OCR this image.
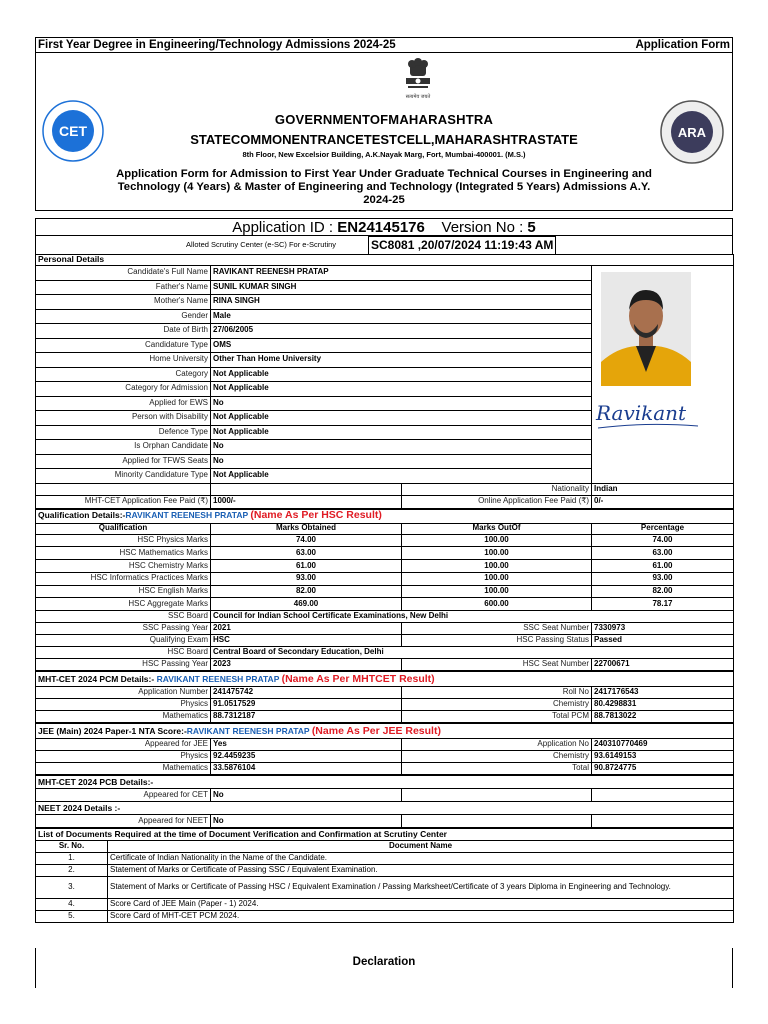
First Year Degree in Engineering/Technology Admissions 2024-25	Application Form
सत्यमेव जयते
CET
GOVERNMENTOFMAHARASHTRA
STATECOMMONENTRANCETESTCELL,MAHARASHTRASTATE
8th Floor, New Excelsior Building, A.K.Nayak Marg, Fort, Mumbai-400001. (M.S.)
Application Form for Admission to First Year Under Graduate Technical Courses in Engineering and Technology (4 Years) & Master of Engineering and Technology (Integrated 5 Years) Admissions A.Y. 2024-25
ARA
Application ID : EN24145176 Version No : 5
Alloted Scrutiny Center (e-SC) For e-Scrutiny	SC8081 ,20/07/2024 11:19:43 AM
Personal Details			
Candidate's Full Name	RAVIKANT REENESH PRATAP		
Father's Name	SUNIL KUMAR SINGH		
Mother's Name	RINA SINGH		
Gender	Male		
Date of Birth	27/06/2005		
Candidature Type	OMS		
Home University	Other Than Home University		
Category	Not Applicable		
Category for Admission	Not Applicable		
Applied for EWS	No		
Person with Disability	Not Applicable		
Defence Type	Not Applicable		
Is Orphan Candidate	No		
Applied for TFWS Seats	No		
Minority Candidature Type	Not Applicable		
		Nationality	Indian
MHT-CET Application Fee Paid (₹)	1000/-	Online Application Fee Paid (₹)	0/-
Qualification Details:-RAVIKANT REENESH PRATAP (Name As Per HSC Result)			
Qualification	Marks Obtained	Marks OutOf	Percentage
HSC Physics Marks	74.00	100.00	74.00
HSC Mathematics Marks	63.00	100.00	63.00
HSC Chemistry Marks	61.00	100.00	61.00
HSC Informatics Practices Marks	93.00	100.00	93.00
HSC English Marks	82.00	100.00	82.00
HSC Aggregate Marks	469.00	600.00	78.17
SSC Board	Council for Indian School Certificate Examinations, New Delhi		
SSC Passing Year	2021	SSC Seat Number	7330973
Qualifying Exam	HSC	HSC Passing Status	Passed
HSC Board	Central Board of Secondary Education, Delhi		
HSC Passing Year	2023	HSC Seat Number	22700671
MHT-CET 2024 PCM Details:- RAVIKANT REENESH PRATAP (Name As Per MHTCET Result)			
Application Number	241475742	Roll No	2417176543
Physics	91.0517529	Chemistry	80.4298831
Mathematics	88.7312187	Total PCM	88.7813022
JEE (Main) 2024 Paper-1 NTA Score:-RAVIKANT REENESH PRATAP (Name As Per JEE Result)			
Appeared for JEE	Yes	Application No	240310770469
Physics	92.4459235	Chemistry	93.6149153
Mathematics	33.5876104	Total	90.8724775
MHT-CET 2024 PCB Details:-			
Appeared for CET	No		
NEET 2024 Details :-			
Appeared for NEET	No		
List of Documents Required at the time of Document Verification and Confirmation at Scrutiny Center	
Sr. No.	Document Name
1.	Certificate of Indian Nationality in the Name of the Candidate.
2.	Statement of Marks or Certificate of Passing SSC / Equivalent Examination.
3.	Statement of Marks or Certificate of Passing HSC / Equivalent Examination / Passing Marksheet/Certificate of 3 years Diploma in Engineering and Technology.
4.	Score Card of JEE Main (Paper - 1) 2024.
5.	Score Card of MHT-CET PCM 2024.
Ravikant
Declaration
